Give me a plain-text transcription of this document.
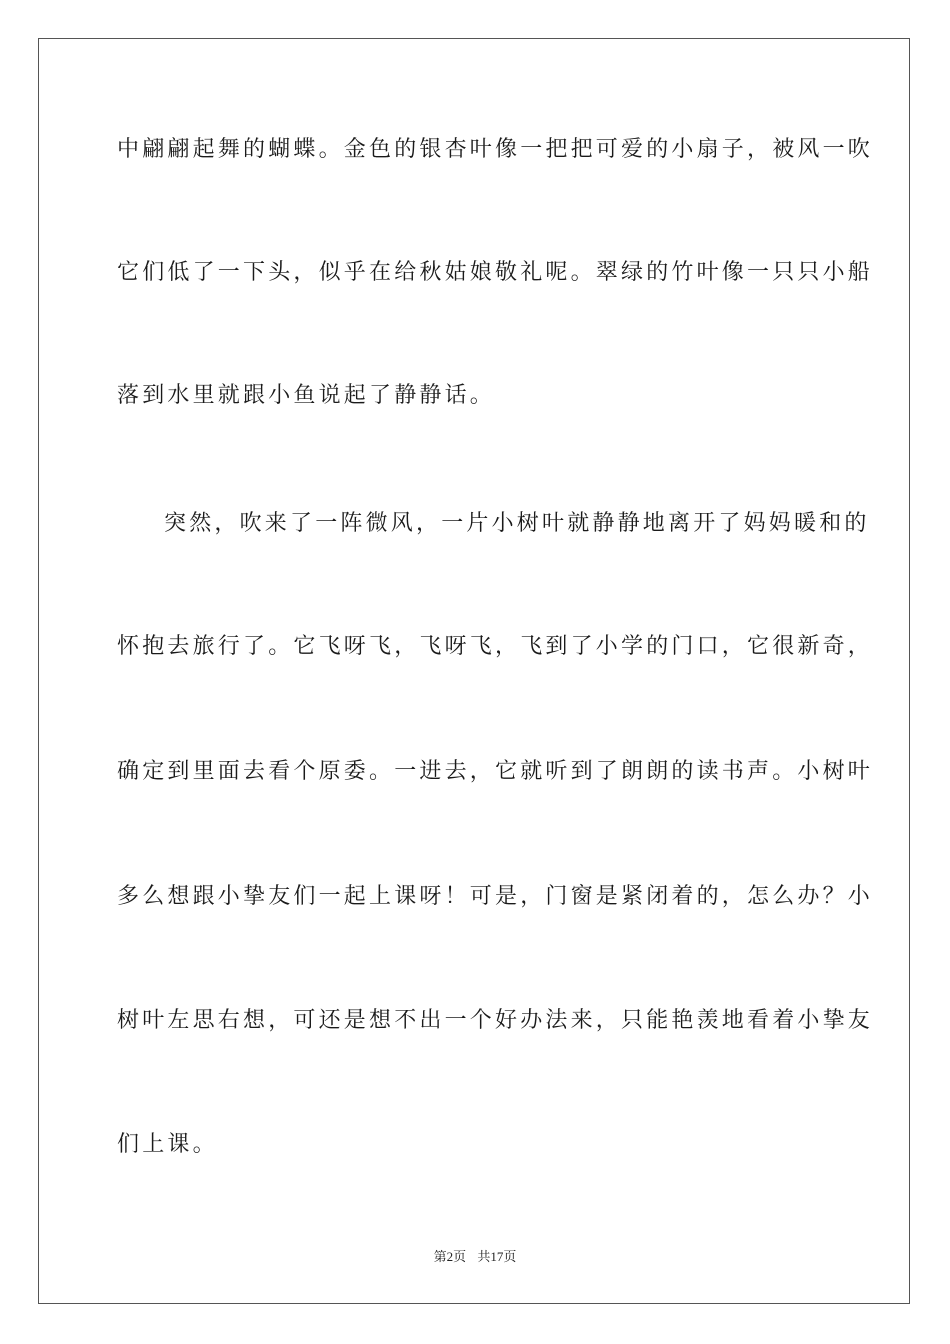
中翩翩起舞的蝴蝶。金色的银杏叶像一把把可爱的小扇子，被风一吹
它们低了一下头，似乎在给秋姑娘敬礼呢。翠绿的竹叶像一只只小船
落到水里就跟小鱼说起了静静话。
突然，吹来了一阵微风，一片小树叶就静静地离开了妈妈暖和的
怀抱去旅行了。它飞呀飞，飞呀飞，飞到了小学的门口，它很新奇，
确定到里面去看个原委。一进去，它就听到了朗朗的读书声。小树叶
多么想跟小挚友们一起上课呀！可是，门窗是紧闭着的，怎么办？小
树叶左思右想，可还是想不出一个好办法来，只能艳羡地看着小挚友
们上课。
第2页 共17页
